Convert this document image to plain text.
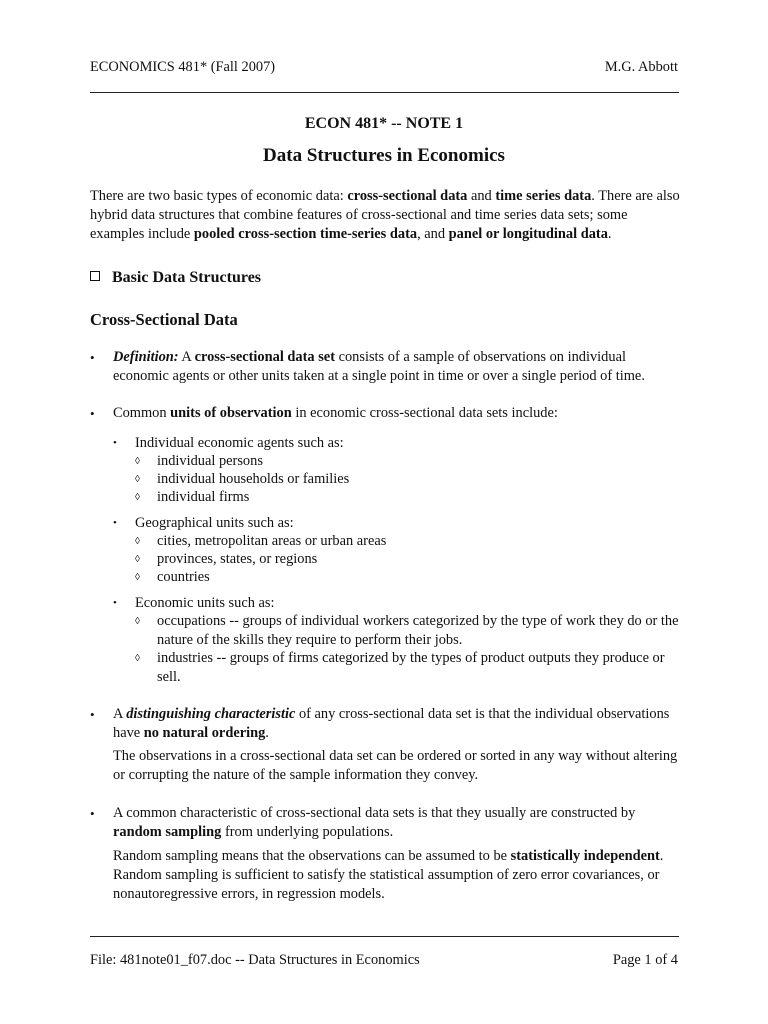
ECONOMICS 481* (Fall 2007)	M.G. Abbott
ECON 481* -- NOTE 1
Data Structures in Economics
There are two basic types of economic data: cross-sectional data and time series data. There are also hybrid data structures that combine features of cross-sectional and time series data sets; some examples include pooled cross-section time-series data, and panel or longitudinal data.
Basic Data Structures
Cross-Sectional Data
• Definition: A cross-sectional data set consists of a sample of observations on individual economic agents or other units taken at a single point in time or over a single period of time.
• Common units of observation in economic cross-sectional data sets include:
• Individual economic agents such as:
◊ individual persons
◊ individual households or families
◊ individual firms
• Geographical units such as:
◊ cities, metropolitan areas or urban areas
◊ provinces, states, or regions
◊ countries
• Economic units such as:
◊ occupations -- groups of individual workers categorized by the type of work they do or the nature of the skills they require to perform their jobs.
◊ industries -- groups of firms categorized by the types of product outputs they produce or sell.
• A distinguishing characteristic of any cross-sectional data set is that the individual observations have no natural ordering.
The observations in a cross-sectional data set can be ordered or sorted in any way without altering or corrupting the nature of the sample information they convey.
• A common characteristic of cross-sectional data sets is that they usually are constructed by random sampling from underlying populations.
Random sampling means that the observations can be assumed to be statistically independent. Random sampling is sufficient to satisfy the statistical assumption of zero error covariances, or nonautoregressive errors, in regression models.
File: 481note01_f07.doc -- Data Structures in Economics	Page 1 of 4
